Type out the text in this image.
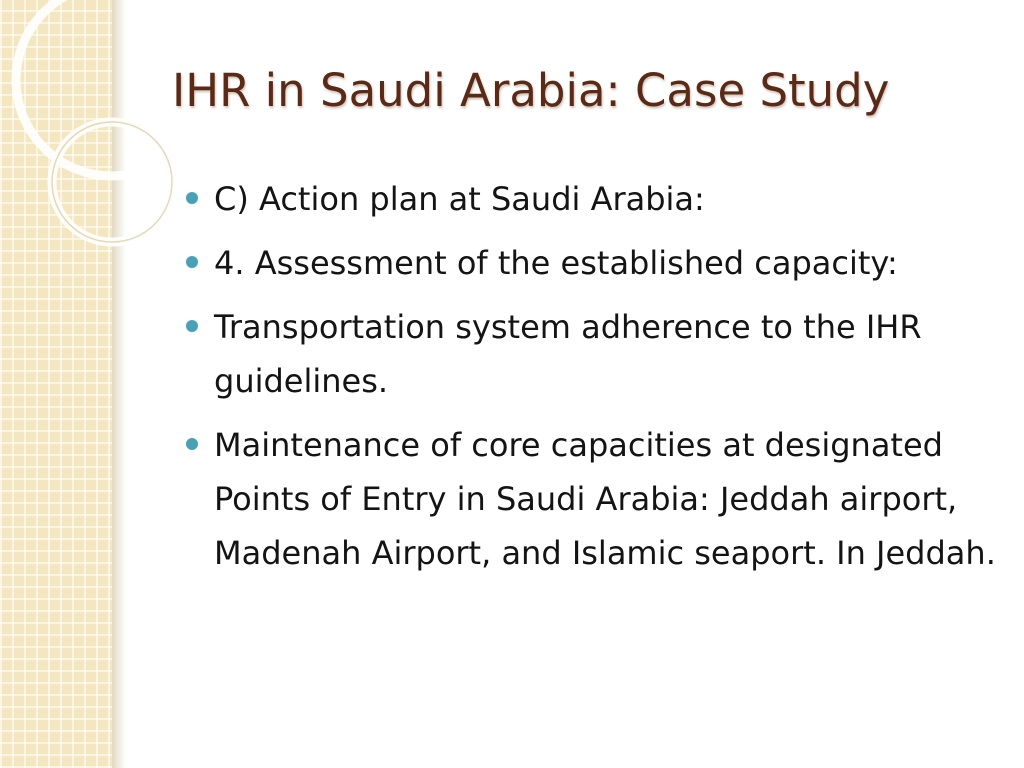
IHR in Saudi Arabia: Case Study
C) Action plan at Saudi Arabia:
4. Assessment of the established capacity:
Transportation system adherence to the IHR guidelines.
Maintenance of core capacities at designated Points of Entry in Saudi Arabia: Jeddah airport, Madenah Airport, and Islamic seaport. In Jeddah.
